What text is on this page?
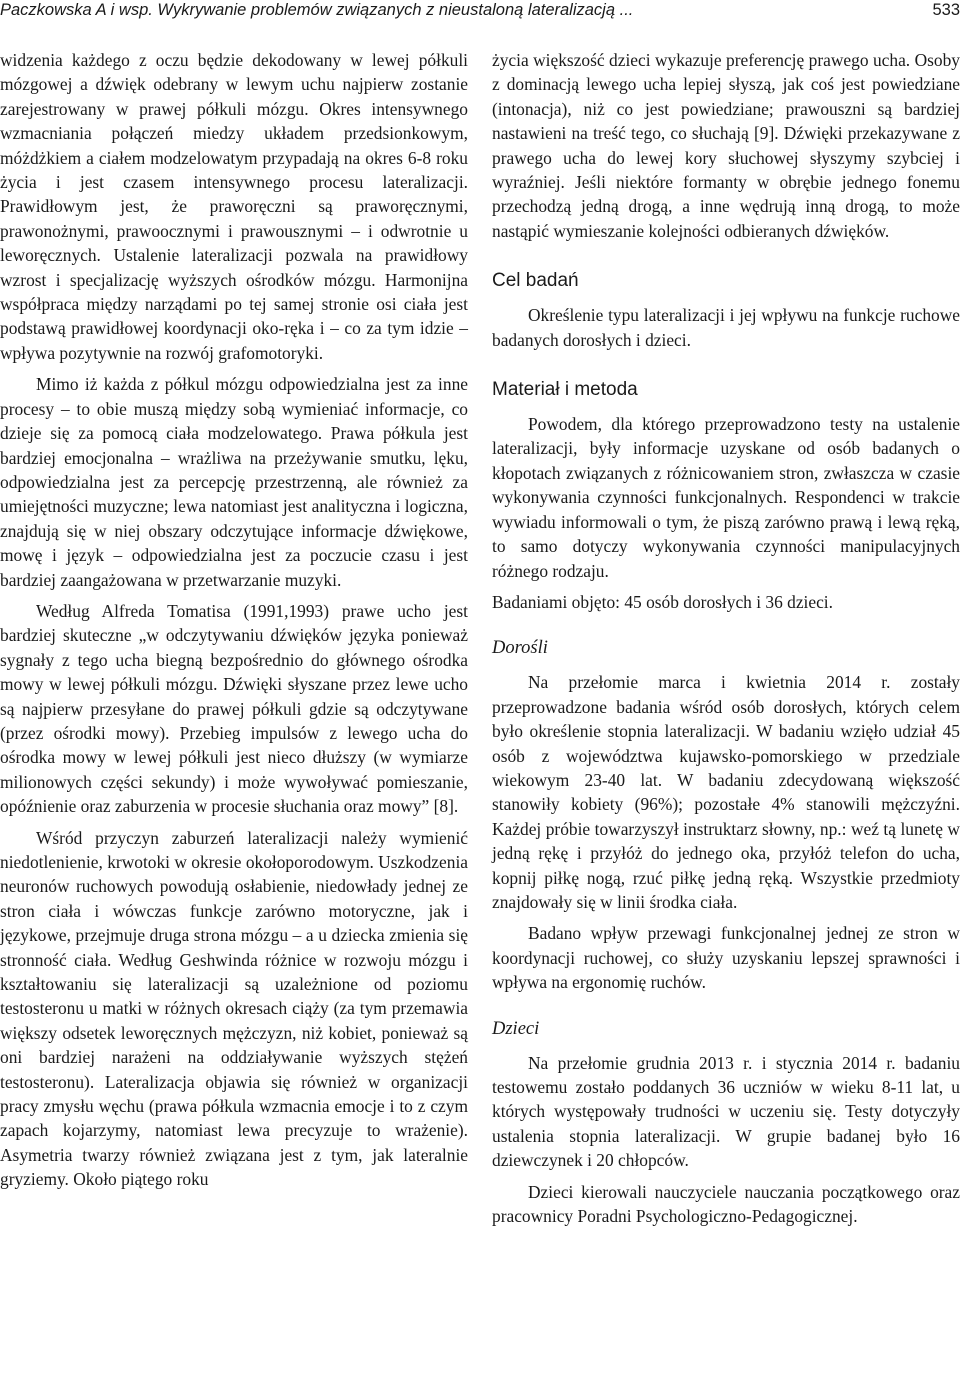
Paczkowska A i wsp. Wykrywanie problemów związanych z nieustaloną lateralizacją ...	533

widzenia każdego z oczu będzie dekodowany w lewej półkuli mózgowej a dźwięk odebrany w lewym uchu najpierw zostanie zarejestrowany w prawej półkuli mózgu. Okres intensywnego wzmacniania połączeń miedzy układem przedsionkowym, móżdżkiem a ciałem modzelowatym przypadają na okres 6-8 roku życia i jest czasem intensywnego procesu lateralizacji. Prawidłowym jest, że praworęczni są praworęcznymi, prawonożnymi, prawoocznymi i prawousznymi – i odwrotnie u leworęcznych. Ustalenie lateralizacji pozwala na prawidłowy wzrost i specjalizację wyższych ośrodków mózgu. Harmonijna współpraca między narządami po tej samej stronie osi ciała jest podstawą prawidłowej koordynacji oko-ręka i – co za tym idzie – wpływa pozytywnie na rozwój grafomotoryki.

Mimo iż każda z półkul mózgu odpowiedzialna jest za inne procesy – to obie muszą między sobą wymieniać informacje, co dzieje się za pomocą ciała modzelowatego. Prawa półkula jest bardziej emocjonalna – wrażliwa na przeżywanie smutku, lęku, odpowiedzialna jest za percepcję przestrzenną, ale również za umiejętności muzyczne; lewa natomiast jest analityczna i logiczna, znajdują się w niej obszary odczytujące informacje dźwiękowe, mowę i język – odpowiedzialna jest za poczucie czasu i jest bardziej zaangażowana w przetwarzanie muzyki.

Według Alfreda Tomatisa (1991,1993) prawe ucho jest bardziej skuteczne „w odczytywaniu dźwięków języka ponieważ sygnały z tego ucha biegną bezpośrednio do głównego ośrodka mowy w lewej półkuli mózgu. Dźwięki słyszane przez lewe ucho są najpierw przesyłane do prawej półkuli gdzie są odczytywane (przez ośrodki mowy). Przebieg impulsów z lewego ucha do ośrodka mowy w lewej półkuli jest nieco dłuższy (w wymiarze milionowych części sekundy) i może wywoływać pomieszanie, opóźnienie oraz zaburzenia w procesie słuchania oraz mowy” [8].

Wśród przyczyn zaburzeń lateralizacji należy wymienić niedotlenienie, krwotoki w okresie okołoporodowym. Uszkodzenia neuronów ruchowych powodują osłabienie, niedowłady jednej ze stron ciała i wówczas funkcje zarówno motoryczne, jak i językowe, przejmuje druga strona mózgu – a u dziecka zmienia się stronność ciała. Według Geshwinda różnice w rozwoju mózgu i kształtowaniu się lateralizacji są uzależnione od poziomu testosteronu u matki w różnych okresach ciąży (za tym przemawia większy odsetek leworęcznych mężczyzn, niż kobiet, ponieważ są oni bardziej narażeni na oddziaływanie wyższych stężeń testosteronu). Lateralizacja objawia się również w organizacji pracy zmysłu węchu (prawa półkula wzmacnia emocje i to z czym zapach kojarzymy, natomiast lewa precyzuje to wrażenie). Asymetria twarzy również związana jest z tym, jak lateralnie gryziemy. Około piątego roku

życia większość dzieci wykazuje preferencję prawego ucha. Osoby z dominacją lewego ucha lepiej słyszą, jak coś jest powiedziane (intonacja), niż co jest powiedziane; prawouszni są bardziej nastawieni na treść tego, co słuchają [9]. Dźwięki przekazywane z prawego ucha do lewej kory słuchowej słyszymy szybciej i wyraźniej. Jeśli niektóre formanty w obrębie jednego fonemu przechodzą jedną drogą, a inne wędrują inną drogą, to może nastąpić wymieszanie kolejności odbieranych dźwięków.

Cel badań

Określenie typu lateralizacji i jej wpływu na funkcje ruchowe badanych dorosłych i dzieci.

Materiał i metoda

Powodem, dla którego przeprowadzono testy na ustalenie lateralizacji, były informacje uzyskane od osób badanych o kłopotach związanych z różnicowaniem stron, zwłaszcza w czasie wykonywania czynności funkcjonalnych. Respondenci w trakcie wywiadu informowali o tym, że piszą zarówno prawą i lewą ręką, to samo dotyczy wykonywania czynności manipulacyjnych różnego rodzaju.

Badaniami objęto: 45 osób dorosłych i 36 dzieci.

Dorośli

Na przełomie marca i kwietnia 2014 r. zostały przeprowadzone badania wśród osób dorosłych, których celem było określenie stopnia lateralizacji. W badaniu wzięło udział 45 osób z województwa kujawsko-pomorskiego w przedziale wiekowym 23-40 lat. W badaniu zdecydowaną większość stanowiły kobiety (96%); pozostałe 4% stanowili mężczyźni. Każdej próbie towarzyszył instruktarz słowny, np.: weź tą lunetę w jedną rękę i przyłóż do jednego oka, przyłóż telefon do ucha, kopnij piłkę nogą, rzuć piłkę jedną ręką. Wszystkie przedmioty znajdowały się w linii środka ciała.

Badano wpływ przewagi funkcjonalnej jednej ze stron w koordynacji ruchowej, co służy uzyskaniu lepszej sprawności i wpływa na ergonomię ruchów.

Dzieci

Na przełomie grudnia 2013 r. i stycznia 2014 r. badaniu testowemu zostało poddanych 36 uczniów w wieku 8-11 lat, u których występowały trudności w uczeniu się. Testy dotyczyły ustalenia stopnia lateralizacji. W grupie badanej było 16 dziewczynek i 20 chłopców.

Dzieci kierowali nauczyciele nauczania początkowego oraz pracownicy Poradni Psychologiczno-Pedagogicznej.
